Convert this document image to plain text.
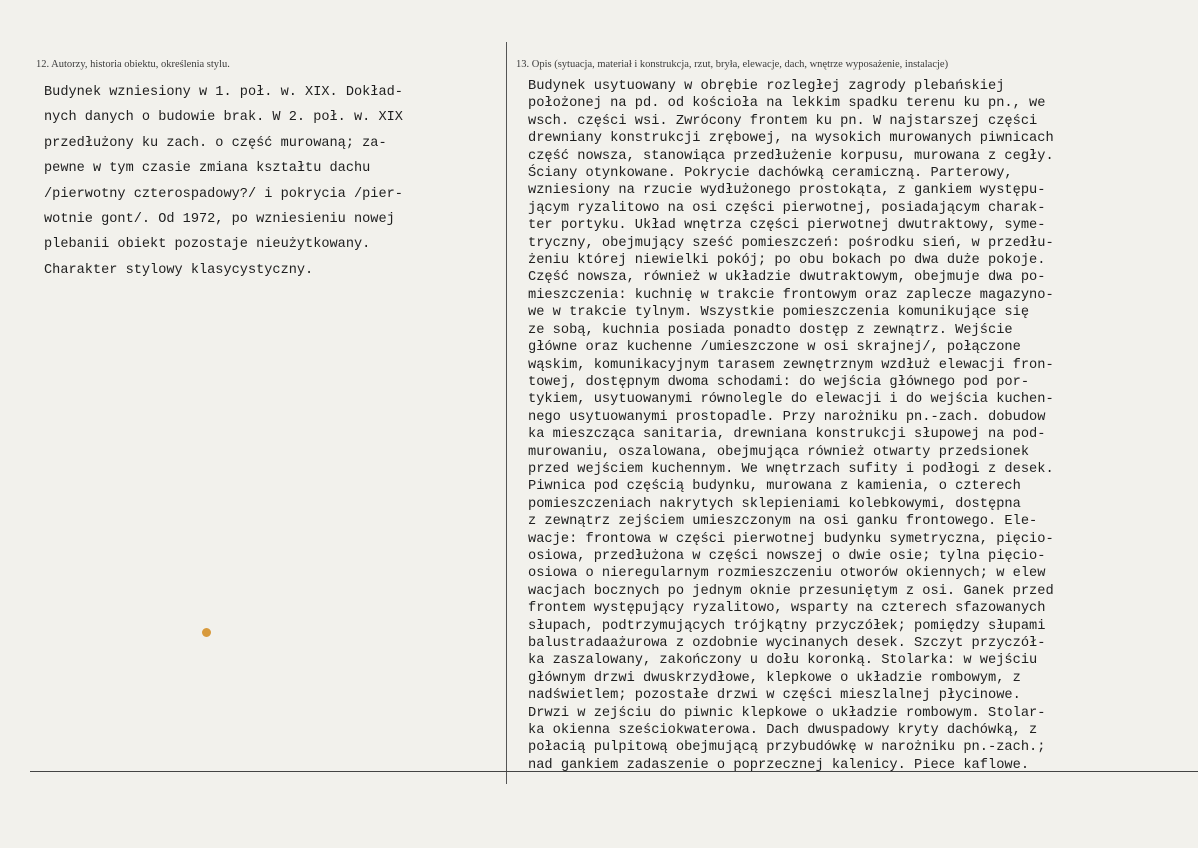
12. Autorzy, historia obiektu, określenia stylu.	13. Opis (sytuacja, materiał i konstrukcja, rzut, bryła, elewacje, dach, wnętrze wyposażenie, instalacje)
Budynek wzniesiony w 1. poł. w. XIX. Dokład-
nych danych o budowie brak. W 2. poł. w. XIX
przedłużony ku zach. o część murowaną; za-
pewne w tym czasie zmiana kształtu dachu
/pierwotny czterospadowy?/ i pokrycia /pier-
wotnie gont/. Od 1972, po wzniesieniu nowej
plebanii obiekt pozostaje nieużytkowany.
Charakter stylowy klasycystyczny.
Budynek usytuowany w obrębie rozległej zagrody plebańskiej
położonej na pd. od kościoła na lekkim spadku terenu ku pn., we
wsch. części wsi. Zwrócony frontem ku pn. W najstarszej części
drewniany konstrukcji zrębowej, na wysokich murowanych piwnicach
część nowsza, stanowiąca przedłużenie korpusu, murowana z cegły.
Ściany otynkowane. Pokrycie dachówką ceramiczną. Parterowy,
wzniesiony na rzucie wydłużonego prostokąta, z gankiem występu-
jącym ryzalitowo na osi części pierwotnej, posiadającym charak-
ter portyku. Układ wnętrza części pierwotnej dwutraktowy, syme-
tryczny, obejmujący sześć pomieszczeń: pośrodku sień, w przedłu-
żeniu której niewielki pokój; po obu bokach po dwa duże pokoje.
Część nowsza, również w układzie dwutraktowym, obejmuje dwa po-
mieszczenia: kuchnię w trakcie frontowym oraz zaplecze magazyno-
we w trakcie tylnym. Wszystkie pomieszczenia komunikujące się
ze sobą, kuchnia posiada ponadto dostęp z zewnątrz. Wejście
główne oraz kuchenne /umieszczone w osi skrajnej/, połączone
wąskim, komunikacyjnym tarasem zewnętrznym wzdłuż elewacji fron-
towej, dostępnym dwoma schodami: do wejścia głównego pod por-
tykiem, usytuowanymi równolegle do elewacji i do wejścia kuchen-
nego usytuowanymi prostopadle. Przy narożniku pn.-zach. dobudow
ka mieszcząca sanitaria, drewniana konstrukcji słupowej na pod-
murowaniu, oszalowana, obejmująca również otwarty przedsionek
przed wejściem kuchennym. We wnętrzach sufity i podłogi z desek.
Piwnica pod częścią budynku, murowana z kamienia, o czterech
pomieszczeniach nakrytych sklepieniami kolebkowymi, dostępna
z zewnątrz zejściem umieszczonym na osi ganku frontowego. Ele-
wacje: frontowa w części pierwotnej budynku symetryczna, pięcio-
osiowa, przedłużona w części nowszej o dwie osie; tylna pięcio-
osiowa o nieregularnym rozmieszczeniu otworów okiennych; w elew
wacjach bocznych po jednym oknie przesuniętym z osi. Ganek przed
frontem występujący ryzalitowo, wsparty na czterech sfazowanych
słupach, podtrzymujących trójkątny przyczółek; pomiędzy słupami
balustradaażurowa z ozdobnie wycinanych desek. Szczyt przyczół-
ka zaszalowany, zakończony u dołu koronką. Stolarka: w wejściu
głównym drzwi dwuskrzydłowe, klepkowe o układzie rombowym, z
nadświetlem; pozostałe drzwi w części mieszlalnej płycinowe.
Drwzi w zejściu do piwnic klepkowe o układzie rombowym. Stolar-
ka okienna sześciokwaterowa. Dach dwuspadowy kryty dachówką, z
połacią pulpitową obejmującą przybudówkę w narożniku pn.-zach.;
nad gankiem zadaszenie o poprzecznej kalenicy. Piece kaflowe.
